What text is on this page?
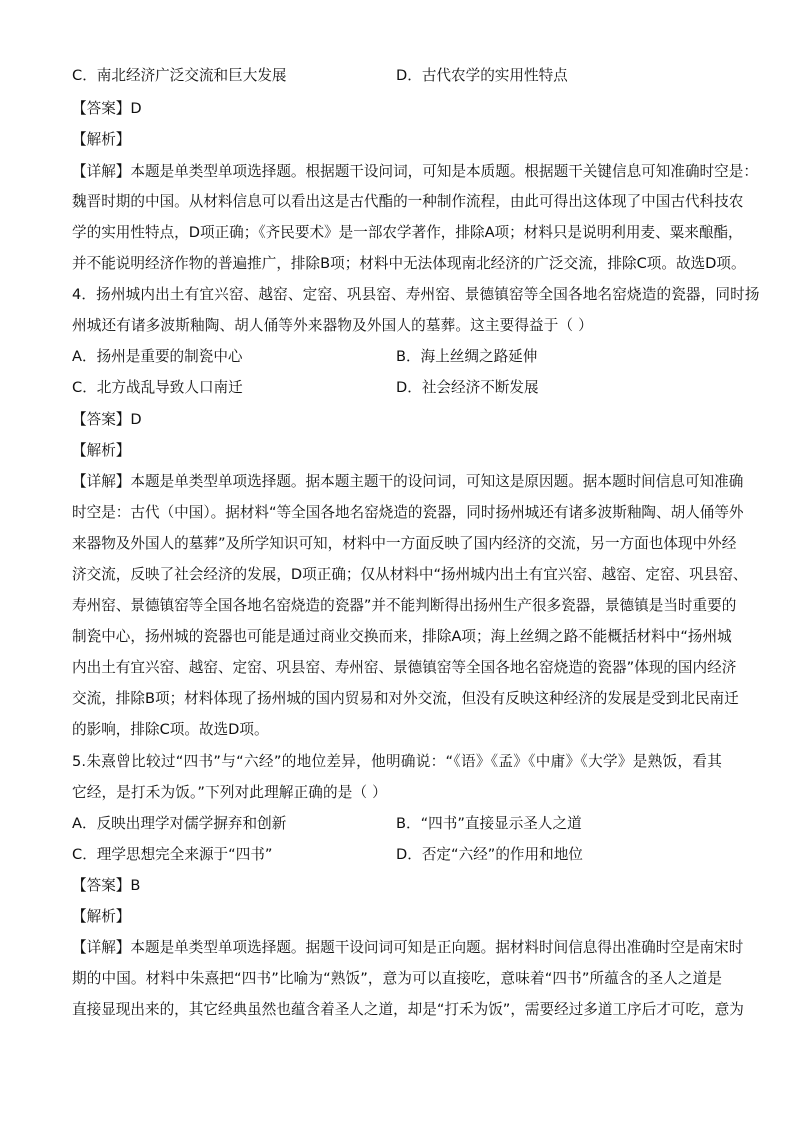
C．南北经济广泛交流和巨大发展	D．古代农学的实用性特点
【答案】D
【解析】
【详解】本题是单类型单项选择题。根据题干设问词，可知是本质题。根据题干关键信息可知准确时空是：
魏晋时期的中国。从材料信息可以看出这是古代酯的一种制作流程，由此可得出这体现了中国古代科技农
学的实用性特点，D项正确；《齐民要术》是一部农学著作，排除A项；材料只是说明利用麦、粟来酿酯，
并不能说明经济作物的普遍推广，排除B项；材料中无法体现南北经济的广泛交流，排除C项。故选D项。
4．扬州城内出土有宜兴窑、越窑、定窑、巩县窑、寿州窑、景德镇窑等全国各地名窑烧造的瓷器，同时扬
州城还有诸多波斯釉陶、胡人俑等外来器物及外国人的墓葬。这主要得益于（ ）
A．扬州是重要的制瓷中心	B．海上丝绸之路延伸
C．北方战乱导致人口南迁	D．社会经济不断发展
【答案】D
【解析】
【详解】本题是单类型单项选择题。据本题主题干的设问词，可知这是原因题。据本题时间信息可知准确
时空是：古代（中国）。据材料“等全国各地名窑烧造的瓷器，同时扬州城还有诸多波斯釉陶、胡人俑等外
来器物及外国人的墓葬”及所学知识可知，材料中一方面反映了国内经济的交流，另一方面也体现中外经
济交流，反映了社会经济的发展，D项正确；仅从材料中“扬州城内出土有宜兴窑、越窑、定窑、巩县窑、
寿州窑、景德镇窑等全国各地名窑烧造的瓷器”并不能判断得出扬州生产很多瓷器，景德镇是当时重要的
制瓷中心，扬州城的瓷器也可能是通过商业交换而来，排除A项；海上丝绸之路不能概括材料中“扬州城
内出土有宜兴窑、越窑、定窑、巩县窑、寿州窑、景德镇窑等全国各地名窑烧造的瓷器”体现的国内经济
交流，排除B项；材料体现了扬州城的国内贸易和对外交流，但没有反映这种经济的发展是受到北民南迁
的影响，排除C项。故选D项。
5.朱熹曾比较过“四书”与“六经”的地位差异，他明确说：“《语》《孟》《中庸》《大学》是熟饭，看其
它经，是打禾为饭。”下列对此理解正确的是（ ）
A．反映出理学对儒学摒弃和创新	B．“四书”直接显示圣人之道
C．理学思想完全来源于“四书”	D．否定“六经”的作用和地位
【答案】B
【解析】
【详解】本题是单类型单项选择题。据题干设问词可知是正向题。据材料时间信息得出准确时空是南宋时
期的中国。材料中朱熹把“四书”比喻为“熟饭”，意为可以直接吃，意味着“四书”所蕴含的圣人之道是
直接显现出来的，其它经典虽然也蕴含着圣人之道，却是“打禾为饭”，需要经过多道工序后才可吃，意为
